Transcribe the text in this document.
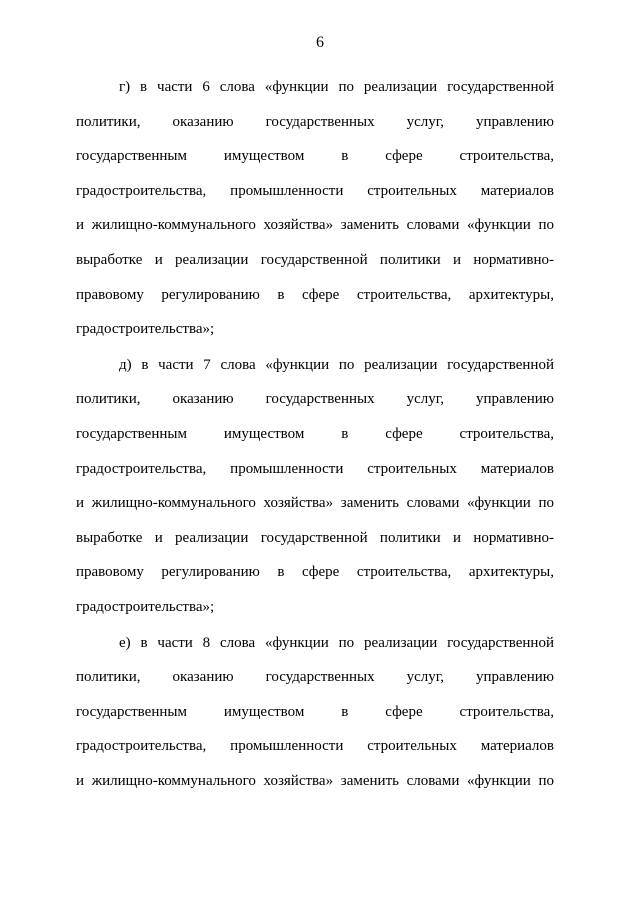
6

г) в части 6 слова «функции по реализации государственной
политики, оказанию государственных услуг, управлению
государственным имуществом в сфере строительства,
градостроительства, промышленности строительных материалов
и жилищно-коммунального хозяйства» заменить словами «функции по
выработке и реализации государственной политики и нормативно-
правовому регулированию в сфере строительства, архитектуры,
градостроительства»;

д) в части 7 слова «функции по реализации государственной
политики, оказанию государственных услуг, управлению
государственным имуществом в сфере строительства,
градостроительства, промышленности строительных материалов
и жилищно-коммунального хозяйства» заменить словами «функции по
выработке и реализации государственной политики и нормативно-
правовому регулированию в сфере строительства, архитектуры,
градостроительства»;

е) в части 8 слова «функции по реализации государственной
политики, оказанию государственных услуг, управлению
государственным имуществом в сфере строительства,
градостроительства, промышленности строительных материалов
и жилищно-коммунального хозяйства» заменить словами «функции по
